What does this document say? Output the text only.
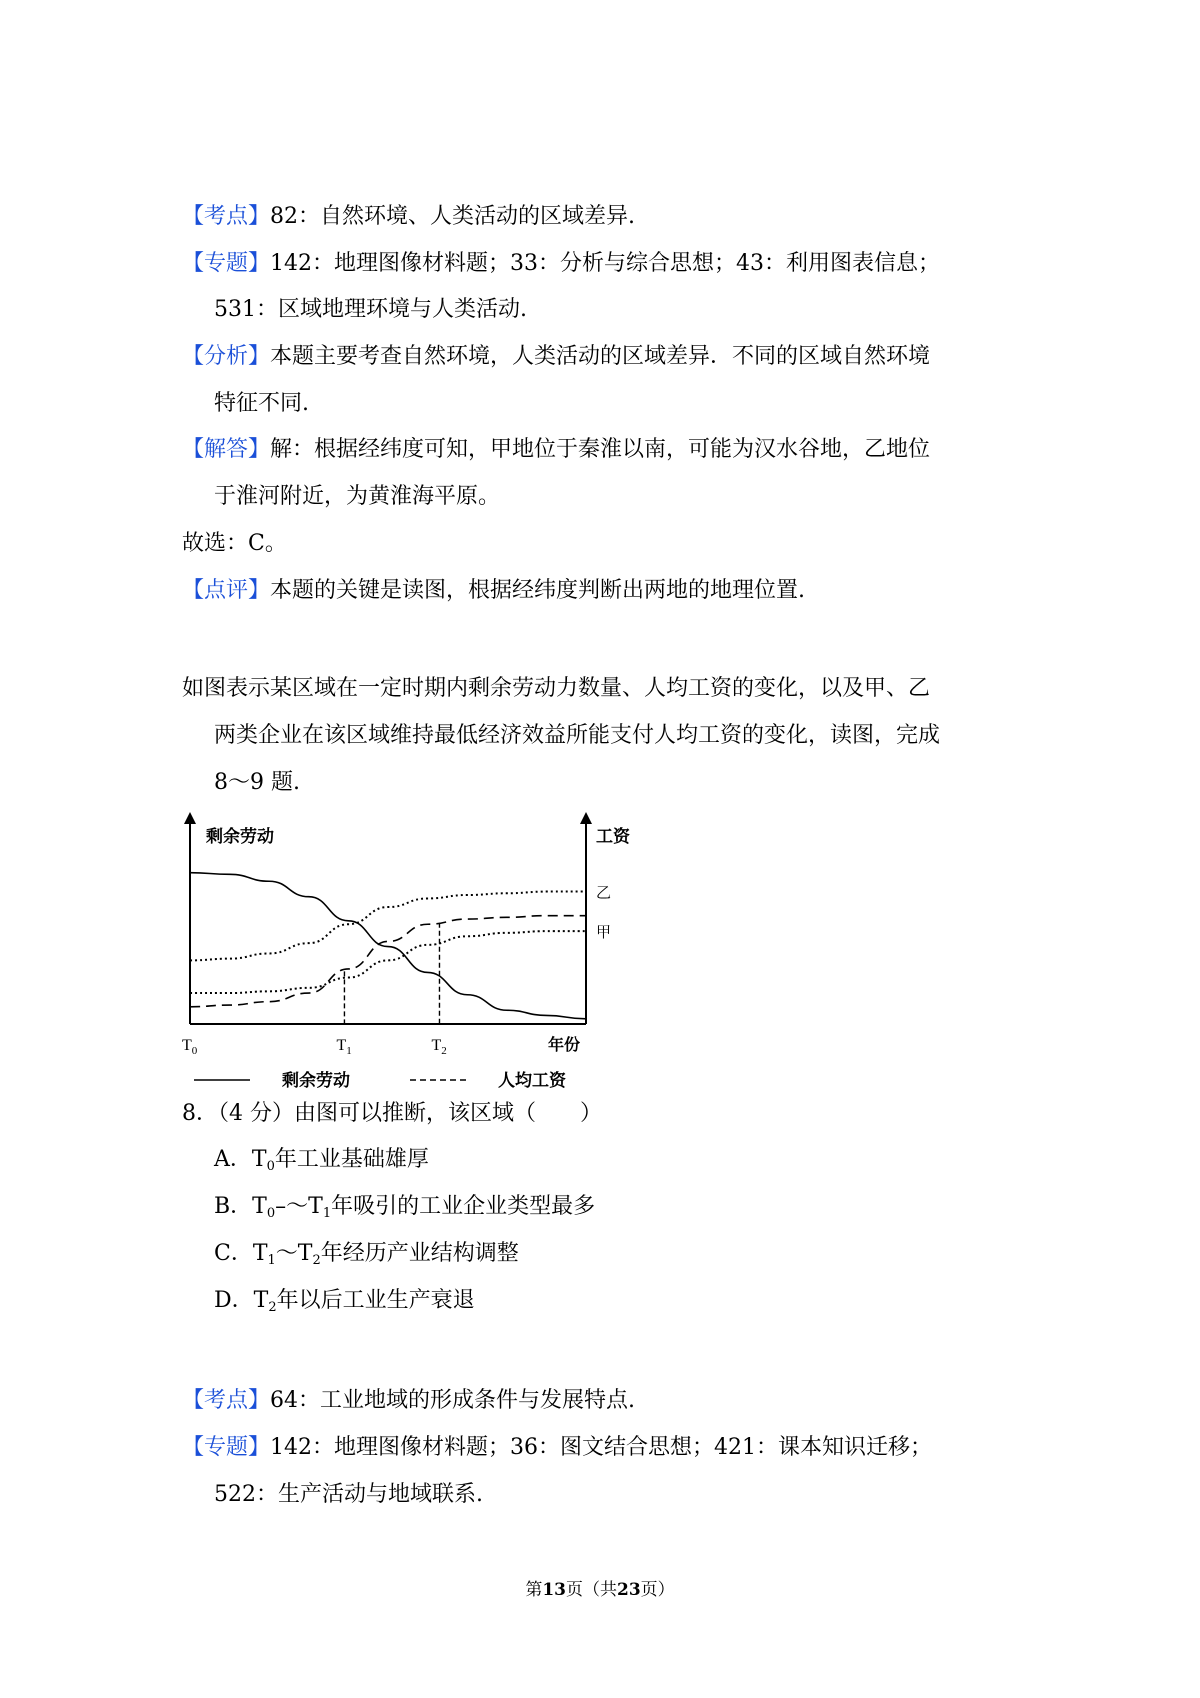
【考点】82：自然环境、人类活动的区域差异.
【专题】142：地理图像材料题；33：分析与综合思想；43：利用图表信息；
531：区域地理环境与人类活动.
【分析】本题主要考查自然环境，人类活动的区域差异．不同的区域自然环境
特征不同.
【解答】解：根据经纬度可知，甲地位于秦淮以南，可能为汉水谷地，乙地位
于淮河附近，为黄淮海平原。
故选：C。
【点评】本题的关键是读图，根据经纬度判断出两地的地理位置.
如图表示某区域在一定时期内剩余劳动力数量、人均工资的变化，以及甲、乙
两类企业在该区域维持最低经济效益所能支付人均工资的变化，读图，完成
8～9 题.
剩余劳动	工资
乙
甲
$T_0$	$T_1$	$T_2$	年份
剩余劳动	人均工资
8．（4 分）由图可以推断，该区域（　　）
A．$T_0$年工业基础雄厚
B．$T_0-\sim T_1$年吸引的工业企业类型最多
C．$T_1\sim T_2$年经历产业结构调整
D．$T_2$年以后工业生产衰退
【考点】64：工业地域的形成条件与发展特点.
【专题】142：地理图像材料题；36：图文结合思想；421：课本知识迁移；
522：生产活动与地域联系.
第13页（共23页）
